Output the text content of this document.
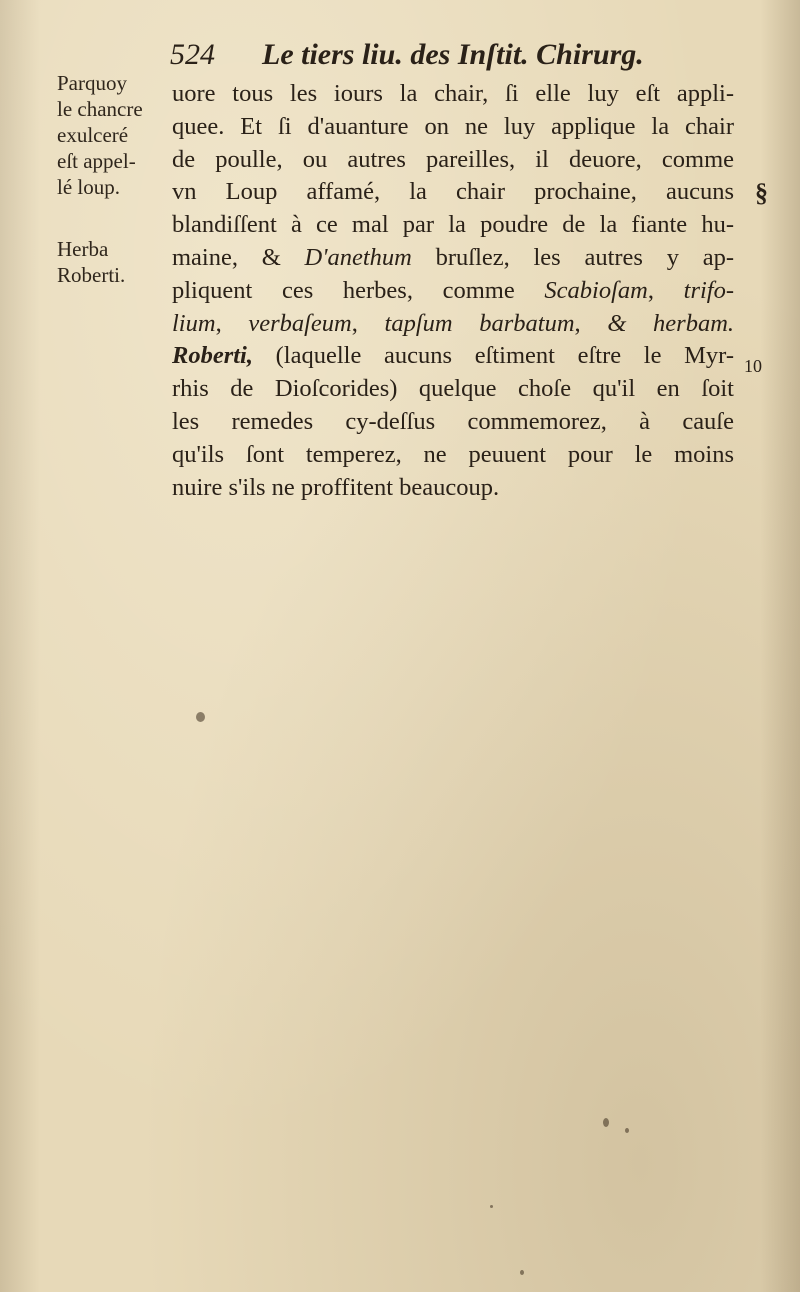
524 Le tiers liu. des Inſtit. Chirurg.
Parquoy
le chancre
exulceré
eſt appel-
lé loup.
Herba
Roberti.
uore tous les iours la chair, ſi elle luy eſt appli-
quee. Et ſi d'auanture on ne luy applique la chair
de poulle, ou autres pareilles, il deuore, comme
vn Loup affamé, la chair prochaine, aucuns
blandiſſent à ce mal par la poudre de la fiante hu-
maine, & D'anethum bruſlez, les autres y ap-
pliquent ces herbes, comme Scabioſam, trifo-
lium, verbaſeum, tapſum barbatum, & herbam.
Roberti, (laquelle aucuns eſtiment eſtre le Myr-
rhis de Dioſcorides) quelque choſe qu'il en ſoit
les remedes cy-deſſus commemorez, à cauſe
qu'ils ſont temperez, ne peuuent pour le moins
nuire s'ils ne proffitent beaucoup.
§
10
